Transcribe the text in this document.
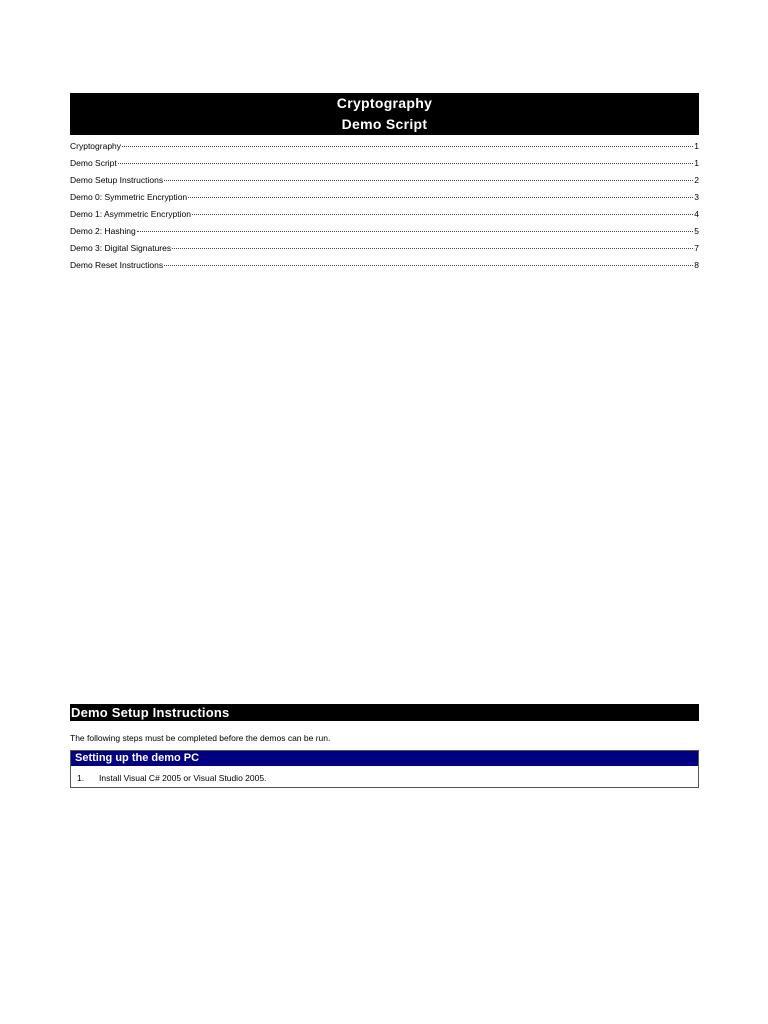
Cryptography
Demo Script
Cryptography	1
Demo Script	1
Demo Setup Instructions	2
Demo 0: Symmetric Encryption	3
Demo 1: Asymmetric Encryption	4
Demo 2: Hashing	5
Demo 3: Digital Signatures	7
Demo Reset Instructions	8
Demo Setup Instructions
The following steps must be completed before the demos can be run.
Setting up the demo PC
1.	Install Visual C# 2005 or Visual Studio 2005.
